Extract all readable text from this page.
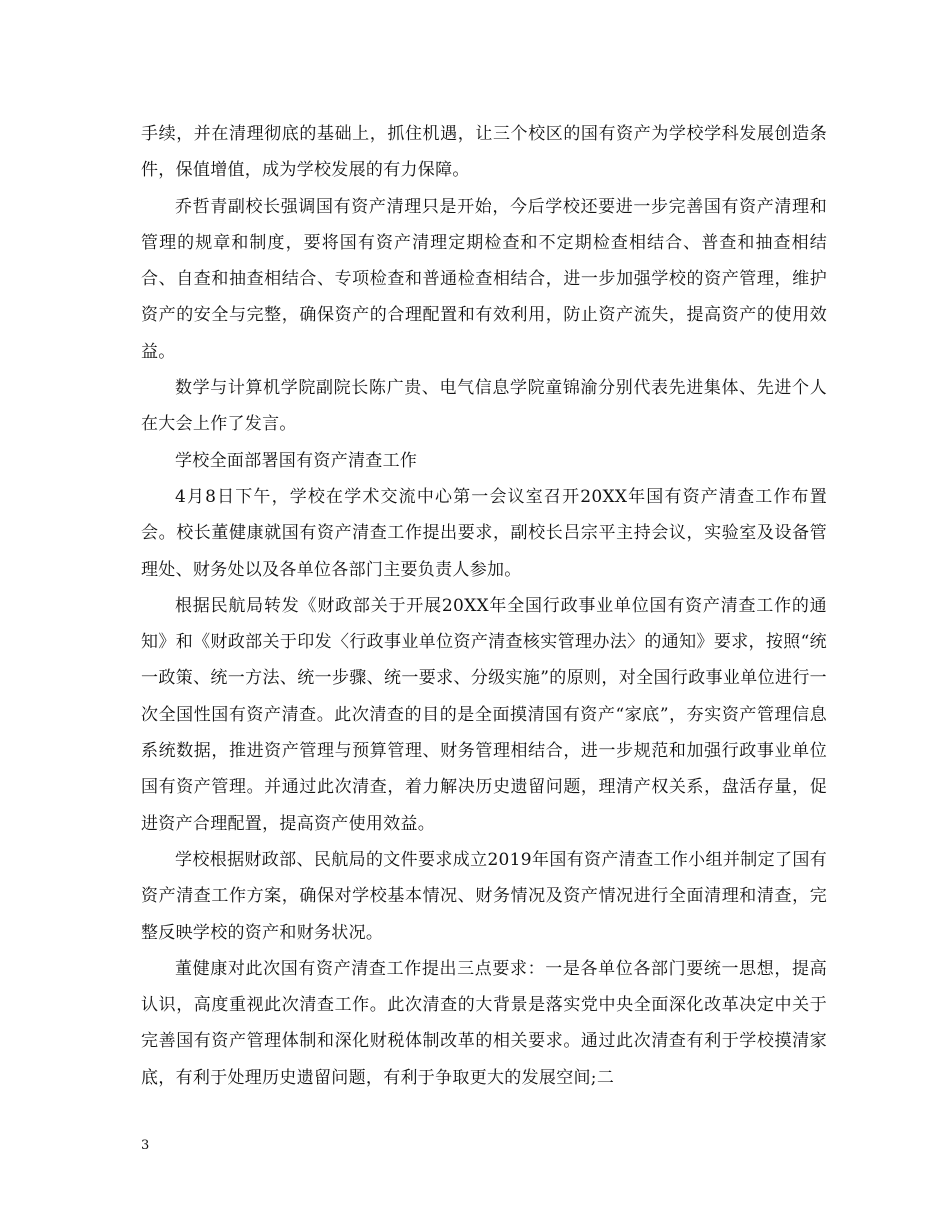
手续，并在清理彻底的基础上，抓住机遇，让三个校区的国有资产为学校学科发展创造条件，保值增值，成为学校发展的有力保障。

乔哲青副校长强调国有资产清理只是开始，今后学校还要进一步完善国有资产清理和管理的规章和制度，要将国有资产清理定期检查和不定期检查相结合、普查和抽查相结合、自查和抽查相结合、专项检查和普通检查相结合，进一步加强学校的资产管理，维护资产的安全与完整，确保资产的合理配置和有效利用，防止资产流失，提高资产的使用效益。

数学与计算机学院副院长陈广贵、电气信息学院童锦渝分别代表先进集体、先进个人在大会上作了发言。

学校全面部署国有资产清查工作

4月8日下午，学校在学术交流中心第一会议室召开20XX年国有资产清查工作布置会。校长董健康就国有资产清查工作提出要求，副校长吕宗平主持会议，实验室及设备管理处、财务处以及各单位各部门主要负责人参加。

根据民航局转发《财政部关于开展20XX年全国行政事业单位国有资产清查工作的通知》和《财政部关于印发〈行政事业单位资产清查核实管理办法〉的通知》要求，按照“统一政策、统一方法、统一步骤、统一要求、分级实施”的原则，对全国行政事业单位进行一次全国性国有资产清查。此次清查的目的是全面摸清国有资产“家底”，夯实资产管理信息系统数据，推进资产管理与预算管理、财务管理相结合，进一步规范和加强行政事业单位国有资产管理。并通过此次清查，着力解决历史遗留问题，理清产权关系，盘活存量，促进资产合理配置，提高资产使用效益。

学校根据财政部、民航局的文件要求成立2019年国有资产清查工作小组并制定了国有资产清查工作方案，确保对学校基本情况、财务情况及资产情况进行全面清理和清查，完整反映学校的资产和财务状况。

董健康对此次国有资产清查工作提出三点要求：一是各单位各部门要统一思想，提高认识，高度重视此次清查工作。此次清查的大背景是落实党中央全面深化改革决定中关于完善国有资产管理体制和深化财税体制改革的相关要求。通过此次清查有利于学校摸清家底，有利于处理历史遗留问题，有利于争取更大的发展空间;二

3
